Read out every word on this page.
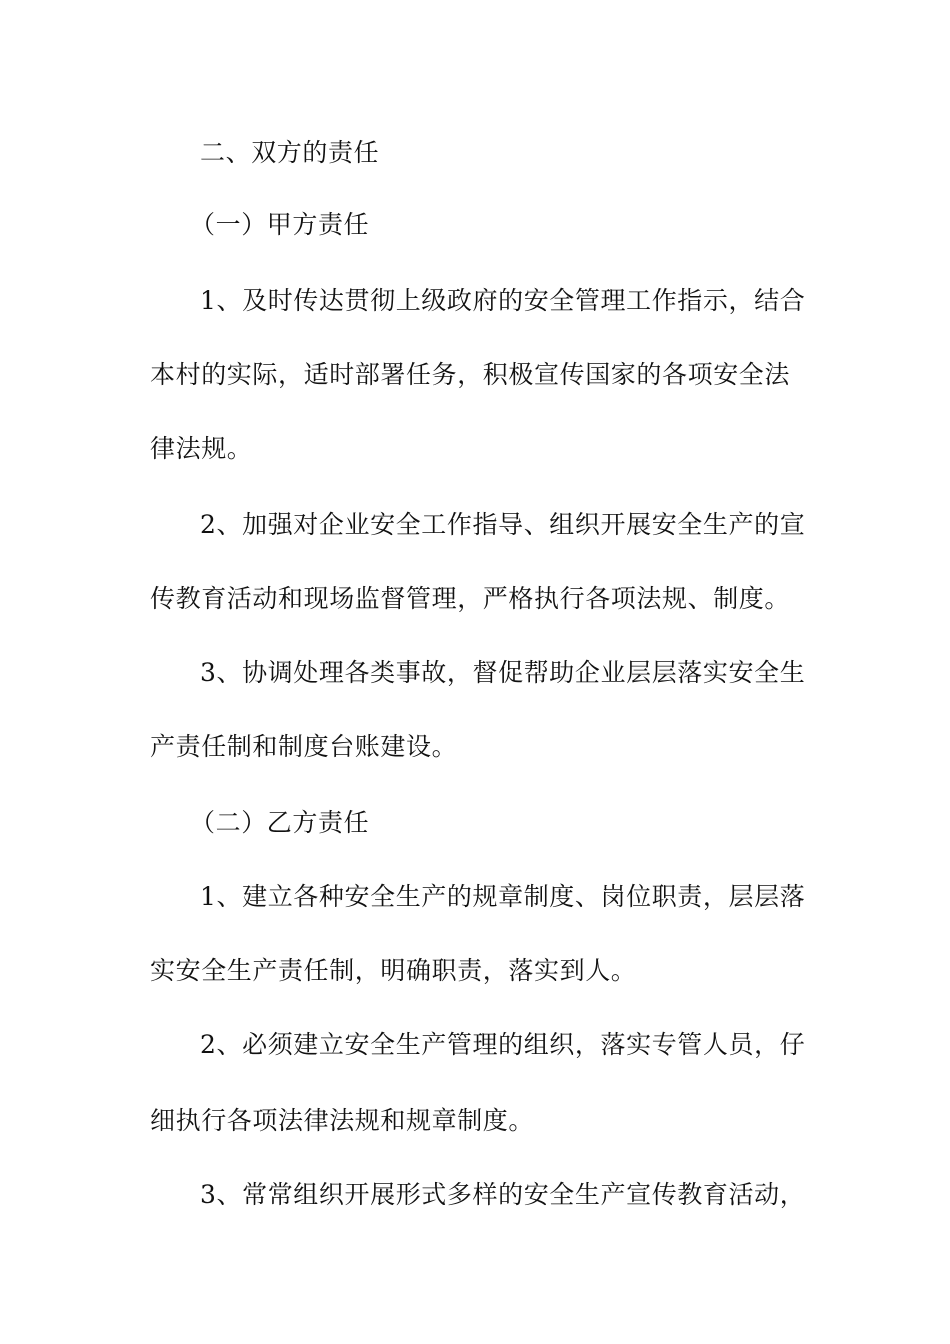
二、双方的责任
（一）甲方责任
1、及时传达贯彻上级政府的安全管理工作指示，结合
本村的实际，适时部署任务，积极宣传国家的各项安全法
律法规。
2、加强对企业安全工作指导、组织开展安全生产的宣
传教育活动和现场监督管理，严格执行各项法规、制度。
3、协调处理各类事故，督促帮助企业层层落实安全生
产责任制和制度台账建设。
（二）乙方责任
1、建立各种安全生产的规章制度、岗位职责，层层落
实安全生产责任制，明确职责，落实到人。
2、必须建立安全生产管理的组织，落实专管人员，仔
细执行各项法律法规和规章制度。
3、常常组织开展形式多样的安全生产宣传教育活动，
